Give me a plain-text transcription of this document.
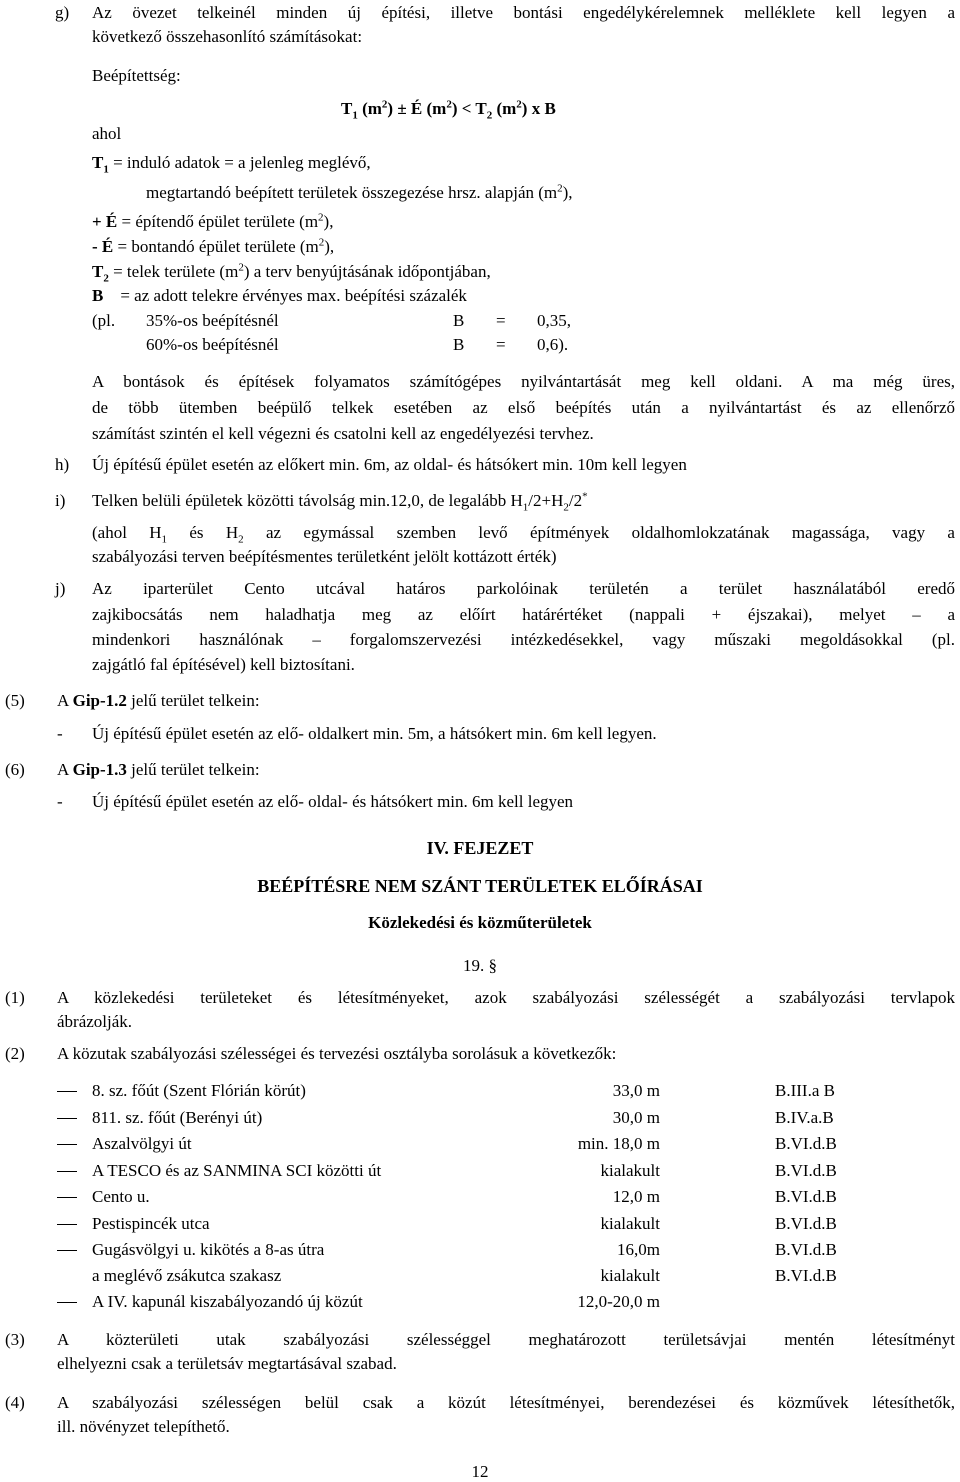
g) Az övezet telkeinél minden új építési, illetve bontási engedélykérelemnek melléklete kell legyen a
következő összehasonlító számításokat:
Beépítettség:
$T_1$ $(m^2)$ ± É $(m^2) < T_2$ $(m^2)$ x B
ahol
$T_1$ = induló adatok = a jelenleg meglévő,
megtartandó beépített területek összegezése hrsz. alapján $(m^2)$,
+ É = építendő épület területe $(m^2)$,
- É = bontandó épület területe $(m^2)$,
$T_2$ = telek területe $(m^2)$ a terv benyújtásának időpontjában,
B = az adott telekre érvényes max. beépítési százalék
(pl. 35%-os beépítésnél	B = 0,35,
60%-os beépítésnél	B = 0,6).
A bontások és építések folyamatos számítógépes nyilvántartását meg kell oldani. A ma még üres,
de több ütemben beépülő telkek esetében az első beépítés után a nyilvántartást és az ellenőrző
számítást szintén el kell végezni és csatolni kell az engedélyezési tervhez.
h) Új építésű épület esetén az előkert min. 6m, az oldal- és hátsókert min. 10m kell legyen
i) Telken belüli épületek közötti távolság min.12,0, de legalább $H_1/2+H_2/2^*$
(ahol $H_1$ és $H_2$ az egymással szemben levő építmények oldalhomlokzatának magassága, vagy a
szabályozási terven beépítésmentes területként jelölt kottázott érték)
j) Az iparterület Cento utcával határos parkolóinak területén a terület használatából eredő
zajkibocsátás nem haladhatja meg az előírt határértéket (nappali + éjszakai), melyet – a
mindenkori használónak – forgalomszervezési intézkedésekkel, vagy műszaki megoldásokkal (pl.
zajgátló fal építésével) kell biztosítani.
(5) A Gip-1.2 jelű terület telkein:
- Új építésű épület esetén az elő- oldalkert min. 5m, a hátsókert min. 6m kell legyen.
(6) A Gip-1.3 jelű terület telkein:
- Új építésű épület esetén az elő- oldal- és hátsókert min. 6m kell legyen
IV. FEJEZET
BEÉPÍTÉSRE NEM SZÁNT TERÜLETEK ELŐÍRÁSAI
Közlekedési és közműterületek
19. §
(1) A közlekedési területeket és létesítményeket, azok szabályozási szélességét a szabályozási tervlapok
ábrázolják.
(2) A közutak szabályozási szélességei és tervezési osztályba sorolásuk a következők:
8. sz. főút (Szent Flórián körút)	33,0 m	B.III.a B
811. sz. főút (Berényi út)	30,0 m	B.IV.a.B
Aszalvölgyi út	min. 18,0 m	B.VI.d.B
A TESCO és az SANMINA SCI közötti út	kialakult	B.VI.d.B
Cento u.	12,0 m	B.VI.d.B
Pestispincék utca	kialakult	B.VI.d.B
Gugásvölgyi u. kikötés a 8-as útra	16,0m	B.VI.d.B
a meglévő zsákutca szakasz	kialakult	B.VI.d.B
A IV. kapunál kiszabályozandó új közút	12,0-20,0 m
(3) A közterületi utak szabályozási szélességgel meghatározott területsávjai mentén létesítményt
elhelyezni csak a területsáv megtartásával szabad.
(4) A szabályozási szélességen belül csak a közút létesítményei, berendezései és közművek létesíthetők,
ill. növényzet telepíthető.
12
